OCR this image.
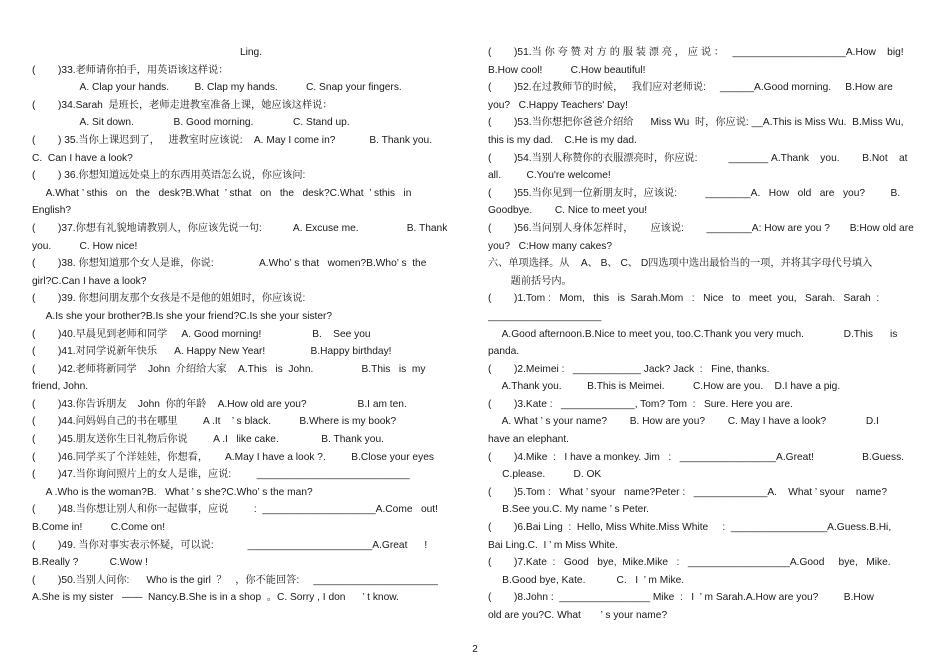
Ling.
(        )33.老师请你拍手，用英语该这样说：
A. Clap your hands.         B. Clap my hands.          C. Snap your fingers.
(        )34.Sarah  是班长，老师走进教室准备上课，她应该这样说：
A. Sit down.              B. Good morning.              C. Stand up.
(        ) 35.当你上课迟到了，   进教室时应该说:    A. May I come in?            B. Thank you.
C.  Can I have a look?
(        ) 36.你想知道远处桌上的东西用英语怎么说，你应该问:
A.What ’ sthis   on   the   desk?B.What  ’ sthat   on   the   desk?C.What  ’ sthis   in
English?
(        )37.你想有礼貌地请教别人，你应该先说一句:           A. Excuse me.                 B. Thank
you.          C. How nice!
(        )38. 你想知道那个女人是谁，你说:                A.Who’ s that   women?B.Who’ s  the
girl?C.Can I have a look?
(        )39. 你想问朋友那个女孩是不是他的姐姐时，你应该说:
A.Is she your brother?B.Is she your friend?C.Is she your sister?
(        )40.早晨见到老师和同学     A. Good morning!                  B.    See you
(        )41.对同学说新年快乐      A. Happy New Year!                B.Happy birthday!
(        )42.老师将新同学    John  介绍给大家    A.This   is  John.                 B.This   is  my
friend, John.
(        )43.你告诉朋友    John  你的年龄    A.How old are you?                  B.I am ten.
(        )44.问妈妈自己的书在哪里         A .It    ’ s black.          B.Where is my book?
(        )45.朋友送你生日礼物后你说         A .I   like cake.               B. Thank you.
(        )46.同学买了个洋娃娃，你想看，      A.May I have a look ?.         B.Close your eyes
(        )47.当你询问照片上的女人是谁，应说:         ___________________________
A .Who is the woman?B.   What ’ s she?C.Who’ s the man?
(        )48.当你想让别人和你一起做事，应说         :  ____________________A.Come   out!
B.Come in!          C.Come on!
(        )49. 当你对事实表示怀疑，可以说:            ______________________A.Great      !
B.Really ?           C.Wow !
(        )50.当别人问你:      Who is the girl  ？   ，你不能回答:     ______________________
A.She is my sister   ——  Nancy.B.She is in a shop  。C. Sorry , I don      ’ t know.
(        )51.当 你 夸 赞 对 方 的 服 装 漂 亮 ， 应 说 ：   ____________________A.How    big!
B.How cool!          C.How beautiful!
(        )52.在过教师节的时候，   我们应对老师说:     ______A.Good morning.     B.How are
you?   C.Happy Teachers' Day!
(        )53.当你想把你爸爸介绍给      Miss Wu  时，你应说: __A.This is Miss Wu.  B.Miss Wu,
this is my dad.    C.He is my dad.
(        )54.当别人称赞你的衣服漂亮时，你应说:           _______ A.Thank    you.        B.Not    at
all.         C.You're welcome!
(        )55.当你见到一位新朋友时，应该说:          ________A.   How   old   are   you?         B.
Goodbye.        C. Nice to meet you!
(        )56.当问别人身体怎样时，      应该说:        ________A: How are you ?       B:How old are
you?   C:How many cakes?
六、单项选择。从    A、 B、 C、 D四选项中选出最恰当的一项，并将其字母代号填入
题前括号内。
(        )1.Tom :   Mom,   this   is  Sarah.Mom   :   Nice   to   meet  you,   Sarah.   Sarah  :
____________________
A.Good afternoon.B.Nice to meet you, too.C.Thank you very much.              D.This      is
panda.
(        )2.Meimei :   ____________ Jack? Jack  :   Fine, thanks.
A.Thank you.         B.This is Meimei.          C.How are you.    D.I have a pig.
(        )3.Kate :   _____________, Tom? Tom  :   Sure. Here you are.
A. What ’ s your name?        B. How are you?        C. May I have a look?              D.I
have an elephant.
(        )4.Mike  :   I have a monkey. Jim   :   _________________A.Great!                 B.Guess.
C.please.          D. OK
(        )5.Tom :   What ’ syour   name?Peter :   _____________A.    What ’ syour    name?
B.See you.C. My name ’ s Peter.
(        )6.Bai Ling  :  Hello, Miss White.Miss White     :  _________________A.Guess.B.Hi,
Bai Ling.C.  I ’ m Miss White.
(        )7.Kate  :   Good   bye,  Mike.Mike   :   __________________A.Good     bye,   Mike.
B.Good bye, Kate.           C.   I  ’ m Mike.
(        )8.John :  ________________ Mike  :   I  ’ m Sarah.A.How are you?         B.How
old are you?C. What       ’ s your name?
2
